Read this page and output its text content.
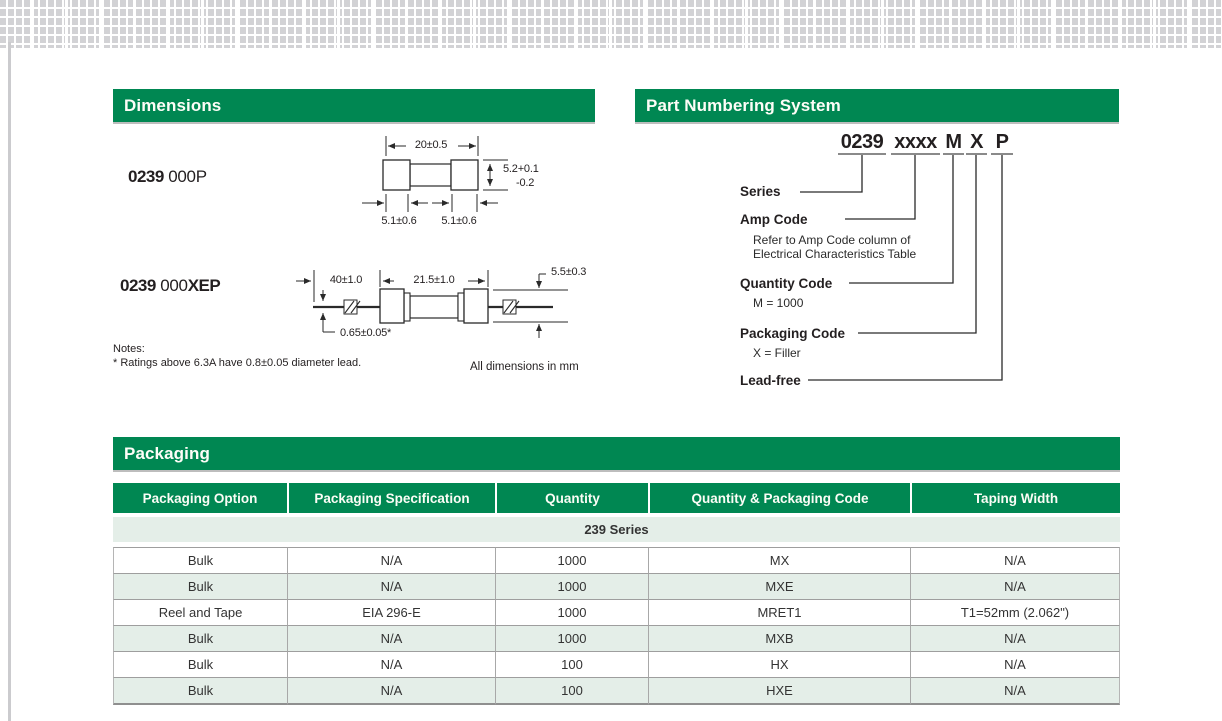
Dimensions	Part Numbering System
Packaging
0239 000P
0239 000XEP
20±0.5
5.2+0.1
-0.2
5.1±0.6	5.1±0.6
40±1.0	21.5±1.0
5.5±0.3
0.65±0.05*
Notes:
* Ratings above 6.3A have 0.8±0.05 diameter lead.	All dimensions in mm
0239 xxxx M X P
Series
Amp Code
Refer to Amp Code column of
Electrical Characteristics Table
Quantity Code
M = 1000
Packaging Code
X = Filler
Lead-free
Packaging Option	Packaging Specification	Quantity	Quantity & Packaging Code	Taping Width
239 Series				
Bulk	N/A	1000	MX	N/A
Bulk	N/A	1000	MXE	N/A
Reel and Tape	EIA 296-E	1000	MRET1	T1=52mm (2.062")
Bulk	N/A	1000	MXB	N/A
Bulk	N/A	100	HX	N/A
Bulk	N/A	100	HXE	N/A
